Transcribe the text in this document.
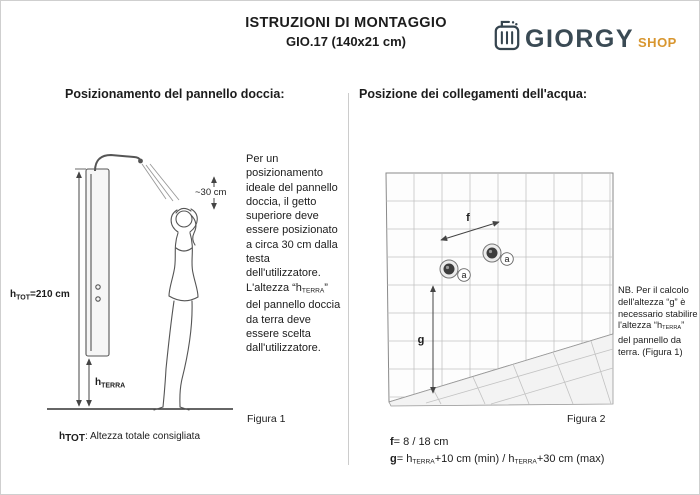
ISTRUZIONI DI MONTAGGIO
GIO.17 (140x21 cm)	GIORGY SHOP
Posizionamento del pannello doccia:
~30 cm
$h_{TOT}=210$ cm
$h_{TERRA}$
Per un posizionamento ideale del pannello doccia, il getto superiore deve essere posizionato a circa 30 cm dalla testa dell'utilizzatore. L'altezza “hTERRA” del pannello doccia da terra deve essere scelta dall'utilizzatore.
Figura 1
hTOT: Altezza totale consigliata
Posizione dei collegamenti dell'acqua:
a
a
f
g
NB. Per il calcolo dell'altezza “g” è necessario stabilire l'altezza “hTERRA” del pannello da terra. (Figura 1)
Figura 2
f= 8 / 18 cm
g= hTERRA+10 cm (min) / hTERRA+30 cm (max)
